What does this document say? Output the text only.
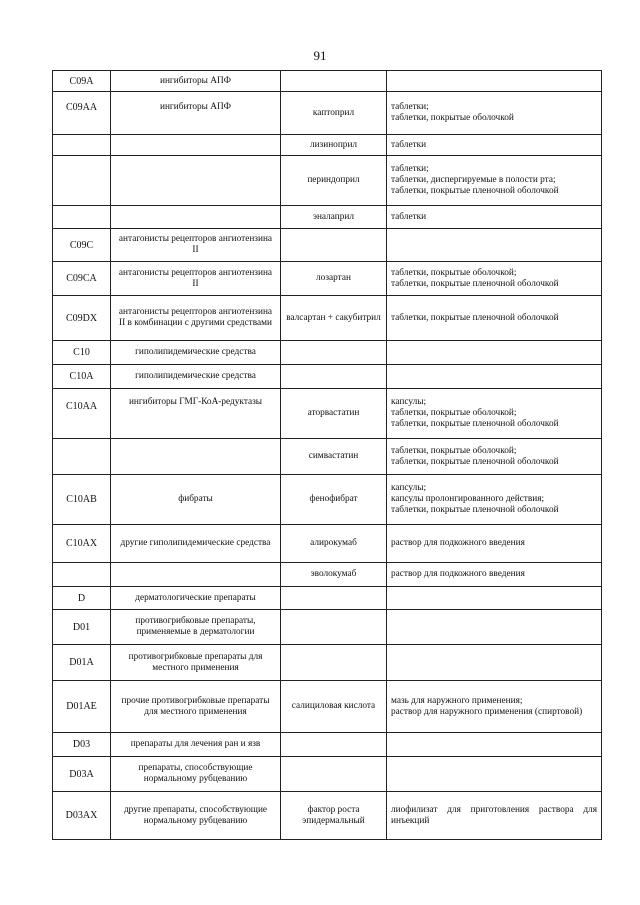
91
C09A	ингибиторы АПФ		
C09AA	ингибиторы АПФ	каптоприл	таблетки;
таблетки, покрытые оболочкой
		лизиноприл	таблетки
		периндоприл	таблетки;
таблетки, диспергируемые в полости рта;
таблетки, покрытые пленочной оболочкой
		эналаприл	таблетки
C09C	антагонисты рецепторов ангиотензина II		
C09CA	антагонисты рецепторов ангиотензина II	лозартан	таблетки, покрытые оболочкой;
таблетки, покрытые пленочной оболочкой
C09DX	антагонисты рецепторов ангиотензина II в комбинации с другими средствами	валсартан + сакубитрил	таблетки, покрытые пленочной оболочкой
C10	гиполипидемические средства		
C10A	гиполипидемические средства		
C10AA	ингибиторы ГМГ-КоА-редуктазы	аторвастатин	капсулы;
таблетки, покрытые оболочкой;
таблетки, покрытые пленочной оболочкой
		симвастатин	таблетки, покрытые оболочкой;
таблетки, покрытые пленочной оболочкой
C10AB	фибраты	фенофибрат	капсулы;
капсулы пролонгированного действия;
таблетки, покрытые пленочной оболочкой
C10AX	другие гиполипидемические средства	алирокумаб	раствор для подкожного введения
		эволокумаб	раствор для подкожного введения
D	дерматологические препараты		
D01	противогрибковые препараты, применяемые в дерматологии		
D01A	противогрибковые препараты для местного применения		
D01AE	прочие противогрибковые препараты для местного применения	салициловая кислота	мазь для наружного применения;
раствор для наружного применения (спиртовой)
D03	препараты для лечения ран и язв		
D03A	препараты, способствующие нормальному рубцеванию		
D03AX	другие препараты, способствующие нормальному рубцеванию	фактор роста эпидермальный	лиофилизат для приготовления раствора для инъекций
